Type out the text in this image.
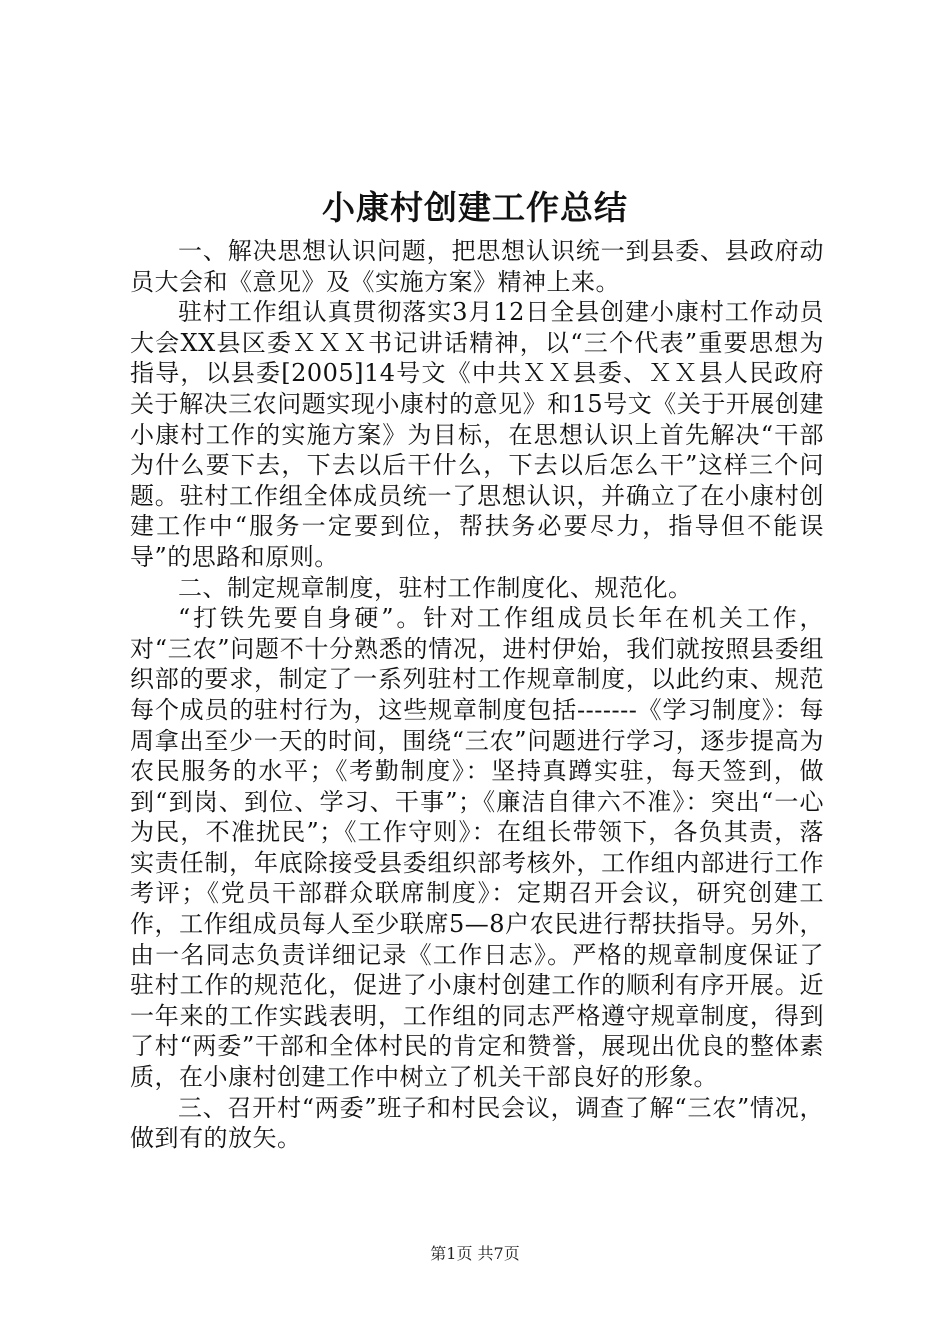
小康村创建工作总结

一、解决思想认识问题，把思想认识统一到县委、县政府动员大会和《意见》及《实施方案》精神上来。

驻村工作组认真贯彻落实3月12日全县创建小康村工作动员大会XX县区委ＸＸＸ书记讲话精神，以“三个代表”重要思想为指导，以县委[2005]14号文《中共ＸＸ县委、ＸＸ县人民政府关于解决三农问题实现小康村的意见》和15号文《关于开展创建小康村工作的实施方案》为目标，在思想认识上首先解决“干部为什么要下去，下去以后干什么，下去以后怎么干”这样三个问题。驻村工作组全体成员统一了思想认识，并确立了在小康村创建工作中“服务一定要到位，帮扶务必要尽力，指导但不能误导”的思路和原则。

二、制定规章制度，驻村工作制度化、规范化。

“打铁先要自身硬”。针对工作组成员长年在机关工作，对“三农”问题不十分熟悉的情况，进村伊始，我们就按照县委组织部的要求，制定了一系列驻村工作规章制度，以此约束、规范每个成员的驻村行为，这些规章制度包括-------《学习制度》：每周拿出至少一天的时间，围绕“三农”问题进行学习，逐步提高为农民服务的水平；《考勤制度》：坚持真蹲实驻，每天签到，做到“到岗、到位、学习、干事”；《廉洁自律六不准》：突出“一心为民，不准扰民”；《工作守则》：在组长带领下，各负其责，落实责任制，年底除接受县委组织部考核外，工作组内部进行工作考评；《党员干部群众联席制度》：定期召开会议，研究创建工作，工作组成员每人至少联席5—8户农民进行帮扶指导。另外，由一名同志负责详细记录《工作日志》。严格的规章制度保证了驻村工作的规范化，促进了小康村创建工作的顺利有序开展。近一年来的工作实践表明，工作组的同志严格遵守规章制度，得到了村“两委”干部和全体村民的肯定和赞誉，展现出优良的整体素质，在小康村创建工作中树立了机关干部良好的形象。

三、召开村“两委”班子和村民会议，调查了解“三农”情况，做到有的放矢。

第1页 共7页
